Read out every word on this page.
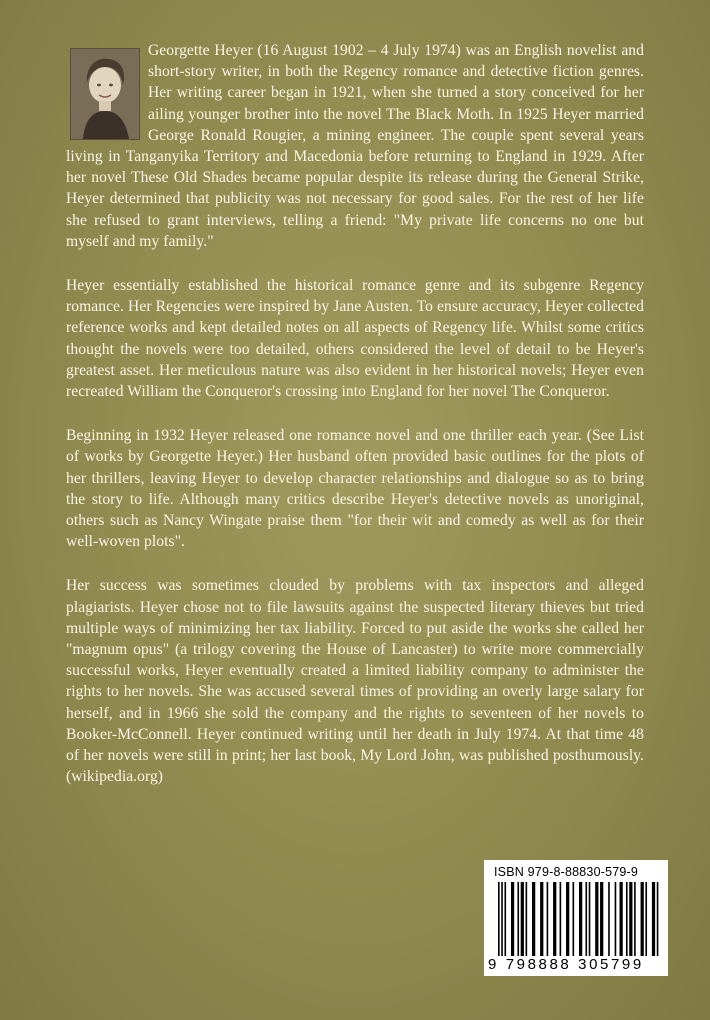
Georgette Heyer (16 August 1902 – 4 July 1974) was an English novelist and short-story writer, in both the Regency romance and detective fiction genres. Her writing career began in 1921, when she turned a story conceived for her ailing younger brother into the novel The Black Moth. In 1925 Heyer married George Ronald Rougier, a mining engineer. The couple spent several years living in Tanganyika Territory and Macedonia before returning to England in 1929. After her novel These Old Shades became popular despite its release during the General Strike, Heyer determined that publicity was not necessary for good sales. For the rest of her life she refused to grant interviews, telling a friend: "My private life concerns no one but myself and my family."

Heyer essentially established the historical romance genre and its subgenre Regency romance. Her Regencies were inspired by Jane Austen. To ensure accuracy, Heyer collected reference works and kept detailed notes on all aspects of Regency life. Whilst some critics thought the novels were too detailed, others considered the level of detail to be Heyer's greatest asset. Her meticulous nature was also evident in her historical novels; Heyer even recreated William the Conqueror's crossing into England for her novel The Conqueror.

Beginning in 1932 Heyer released one romance novel and one thriller each year. (See List of works by Georgette Heyer.) Her husband often provided basic outlines for the plots of her thrillers, leaving Heyer to develop character relationships and dialogue so as to bring the story to life. Although many critics describe Heyer's detective novels as unoriginal, others such as Nancy Wingate praise them "for their wit and comedy as well as for their well-woven plots".

Her success was sometimes clouded by problems with tax inspectors and alleged plagiarists. Heyer chose not to file lawsuits against the suspected literary thieves but tried multiple ways of minimizing her tax liability. Forced to put aside the works she called her "magnum opus" (a trilogy covering the House of Lancaster) to write more commercially successful works, Heyer eventually created a limited liability company to administer the rights to her novels. She was accused several times of providing an overly large salary for herself, and in 1966 she sold the company and the rights to seventeen of her novels to Booker-McConnell. Heyer continued writing until her death in July 1974. At that time 48 of her novels were still in print; her last book, My Lord John, was published posthumously. (wikipedia.org)

ISBN 979-8-88830-579-9
9 798888 305799
